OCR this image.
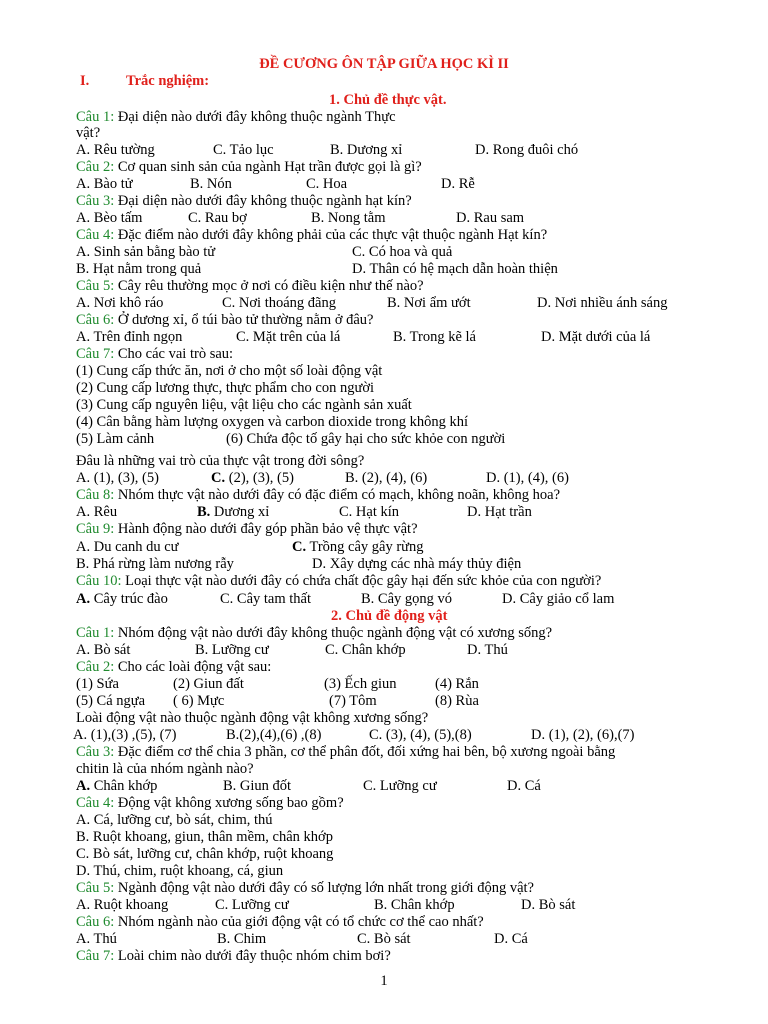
ĐỀ CƯƠNG ÔN TẬP GIỮA HỌC KÌ II
I.	Trắc nghiệm:
1. Chủ đề thực vật.
Câu 1: Đại diện nào dưới đây không thuộc ngành Thực
vật?
A. Rêu tường	C. Tảo lục	B. Dương xỉ	D. Rong đuôi chó
Câu 2: Cơ quan sinh sản của ngành Hạt trần được gọi là gì?
A. Bào tử	B. Nón	C. Hoa	D. Rễ
Câu 3: Đại diện nào dưới đây không thuộc ngành hạt kín?
A. Bèo tấm	C. Rau bợ	B. Nong tằm	D. Rau sam
Câu 4: Đặc điểm nào dưới đây không phải của các thực vật thuộc ngành Hạt kín?
A. Sinh sản bằng bào tử	C. Có hoa và quả
B. Hạt nằm trong quả	D. Thân có hệ mạch dẫn hoàn thiện
Câu 5: Cây rêu thường mọc ở nơi có điều kiện như thế nào?
A. Nơi khô ráo	C. Nơi thoáng đãng	B. Nơi ẩm ướt	D. Nơi nhiều ánh sáng
Câu 6: Ở dương xỉ, ổ túi bào tử thường nằm ở đâu?
A. Trên đỉnh ngọn	C. Mặt trên của lá	B. Trong kẽ lá	D. Mặt dưới của lá
Câu 7: Cho các vai trò sau:
(1) Cung cấp thức ăn, nơi ở cho một số loài động vật
(2) Cung cấp lương thực, thực phẩm cho con người
(3) Cung cấp nguyên liệu, vật liệu cho các ngành sản xuất
(4) Cân bằng hàm lượng oxygen và carbon dioxide trong không khí
(5) Làm cảnh	(6) Chứa độc tố gây hại cho sức khỏe con người
Đâu là những vai trò của thực vật trong đời sông?
A. (1), (3), (5)	C. (2), (3), (5)	B. (2), (4), (6)	D. (1), (4), (6)
Câu 8: Nhóm thực vật nào dưới đây có đặc điểm có mạch, không noãn, không hoa?
A. Rêu	B. Dương xỉ	C. Hạt kín	D. Hạt trần
Câu 9: Hành động nào dưới đây góp phần bảo vệ thực vật?
A. Du canh du cư	C. Trồng cây gây rừng
B. Phá rừng làm nương rẫy	D. Xây dựng các nhà máy thủy điện
Câu 10: Loại thực vật nào dưới đây có chứa chất độc gây hại đến sức khỏe của con người?
A. Cây trúc đào	C. Cây tam thất	B. Cây gọng vó	D. Cây giảo cổ lam
2. Chủ đề động vật
Câu 1: Nhóm động vật nào dưới đây không thuộc ngành động vật có xương sống?
A. Bò sát	B. Lưỡng cư	C. Chân khớp	D. Thú
Câu 2: Cho các loài động vật sau:
(1) Sứa	(2) Giun đất	(3) Ếch giun	(4) Rắn
(5) Cá ngựa ( 6) Mực	(7) Tôm	(8) Rùa
Loài động vật nào thuộc ngành động vật không xương sống?
A. (1),(3) ,(5), (7)	B.(2),(4),(6) ,(8)	C. (3), (4), (5),(8)	D. (1), (2), (6),(7)
Câu 3: Đặc điểm cơ thể chia 3 phần, cơ thể phân đốt, đối xứng hai bên, bộ xương ngoài bằng
chitin là của nhóm ngành nào?
A. Chân khớp	B. Giun đốt	C. Lưỡng cư	D. Cá
Câu 4: Động vật không xương sống bao gồm?
A. Cá, lưỡng cư, bò sát, chim, thú
B. Ruột khoang, giun, thân mềm, chân khớp
C. Bò sát, lưỡng cư, chân khớp, ruột khoang
D. Thú, chim, ruột khoang, cá, giun
Câu 5: Ngành động vật nào dưới đây có số lượng lớn nhất trong giới động vật?
A. Ruột khoang	C. Lưỡng cư	B. Chân khớp	D. Bò sát
Câu 6: Nhóm ngành nào của giới động vật có tổ chức cơ thể cao nhất?
A. Thú	B. Chim	C. Bò sát	D. Cá
Câu 7: Loài chim nào dưới đây thuộc nhóm chim bơi?
1
